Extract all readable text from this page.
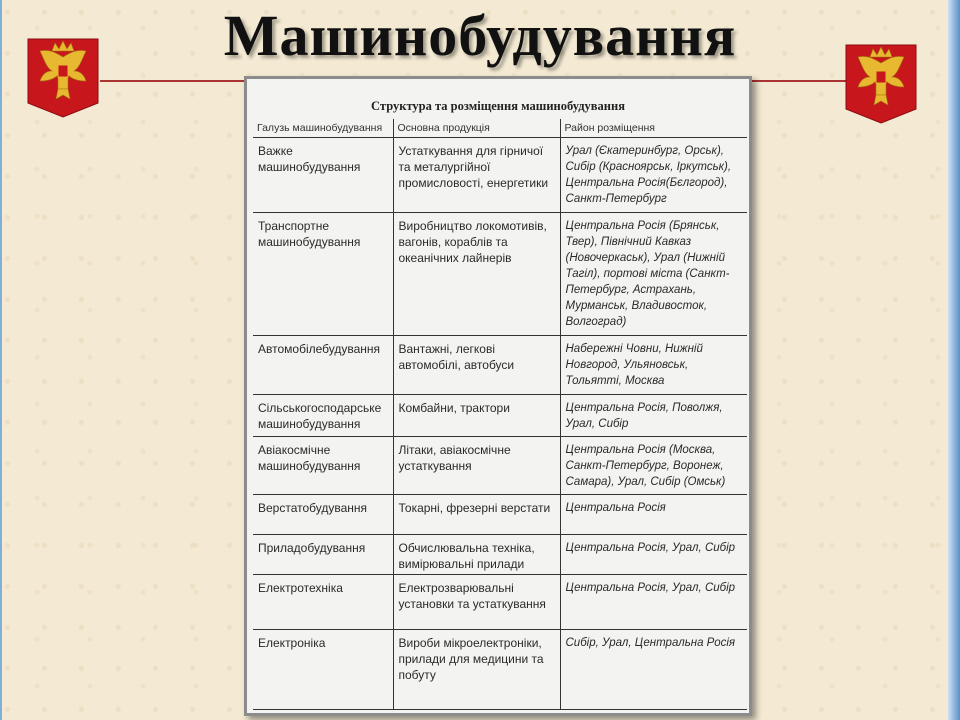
Машинобудування
Структура та розміщення машинобудування
Галузь машинобудування	Основна продукція	Район розміщення
Важке машинобудування	Устаткування для гірничої та металургійної промисловості, енергетики	Урал (Єкатеринбург, Орськ), Сибір (Красноярськ, Іркутськ), Центральна Росія(Бєлгород), Санкт-Петербург
Транспортне машинобудування	Виробництво локомотивів, вагонів, кораблів та океанічних лайнерів	Центральна Росія (Брянськ, Твер), Північний Кавказ (Новочеркаськ), Урал (Нижній Тагіл), портові міста (Санкт-Петербург, Астрахань, Мурманськ, Владивосток, Волгоград)
Автомобілебудування	Вантажні, легкові автомобілі, автобуси	Набережні Човни, Нижній Новгород, Ульяновськ, Тольятті, Москва
Сільськогосподарське машинобудування	Комбайни, трактори	Центральна Росія, Поволжя, Урал, Сибір
Авіакосмічне машинобудування	Літаки, авіакосмічне устаткування	Центральна Росія (Москва, Санкт-Петербург, Воронеж, Самара), Урал, Сибір (Омськ)
Верстатобудування	Токарні, фрезерні верстати	Центральна Росія
Приладобудування	Обчислювальна техніка, вимірювальні прилади	Центральна Росія, Урал, Сибір
Електротехніка	Електрозварювальні установки та устаткування	Центральна Росія, Урал, Сибір
Електроніка	Вироби мікроелектроніки, прилади для медицини та побуту	Сибір, Урал, Центральна Росія
